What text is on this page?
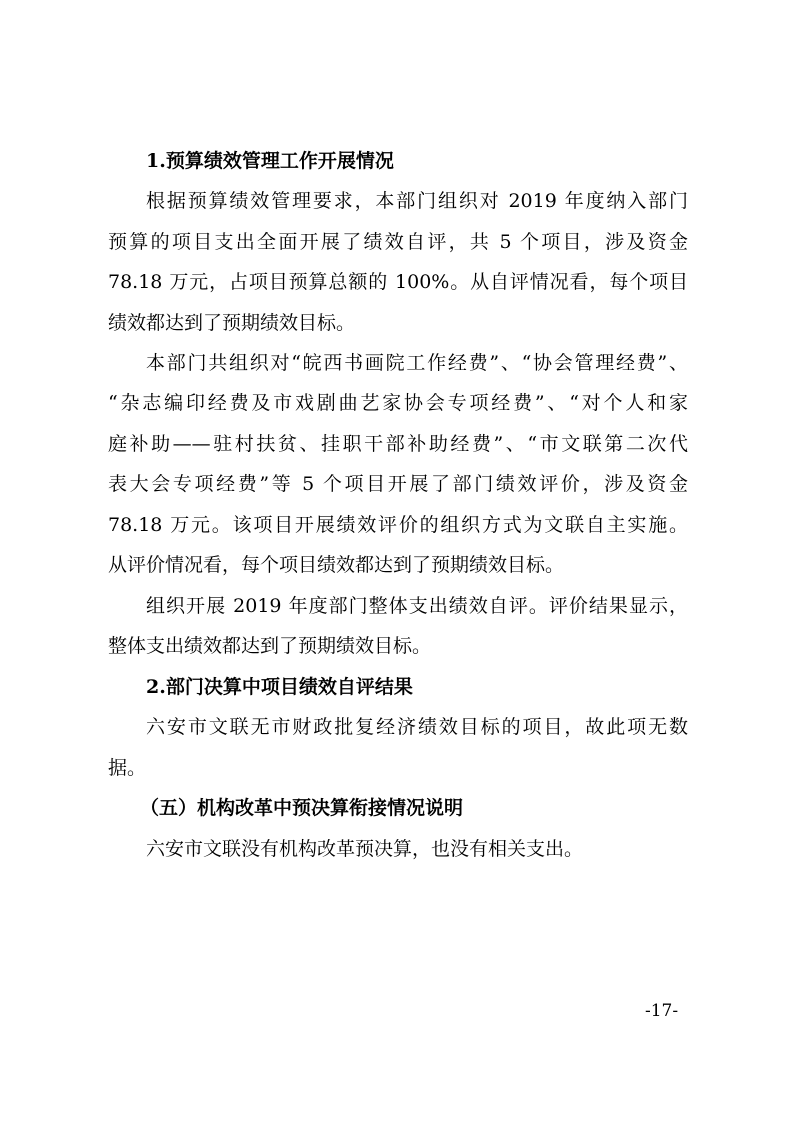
1.预算绩效管理工作开展情况
根据预算绩效管理要求，本部门组织对 2019 年度纳入部门
预算的项目支出全面开展了绩效自评，共 5 个项目，涉及资金
78.18 万元，占项目预算总额的 100%。从自评情况看，每个项目
绩效都达到了预期绩效目标。
本部门共组织对“皖西书画院工作经费”、“协会管理经费”、
“杂志编印经费及市戏剧曲艺家协会专项经费”、“对个人和家
庭补助——驻村扶贫、挂职干部补助经费”、“市文联第二次代
表大会专项经费”等 5 个项目开展了部门绩效评价，涉及资金
78.18 万元。该项目开展绩效评价的组织方式为文联自主实施。
从评价情况看，每个项目绩效都达到了预期绩效目标。
组织开展 2019 年度部门整体支出绩效自评。评价结果显示，
整体支出绩效都达到了预期绩效目标。
2.部门决算中项目绩效自评结果
六安市文联无市财政批复经济绩效目标的项目，故此项无数
据。
（五）机构改革中预决算衔接情况说明
六安市文联没有机构改革预决算，也没有相关支出。
-17-
